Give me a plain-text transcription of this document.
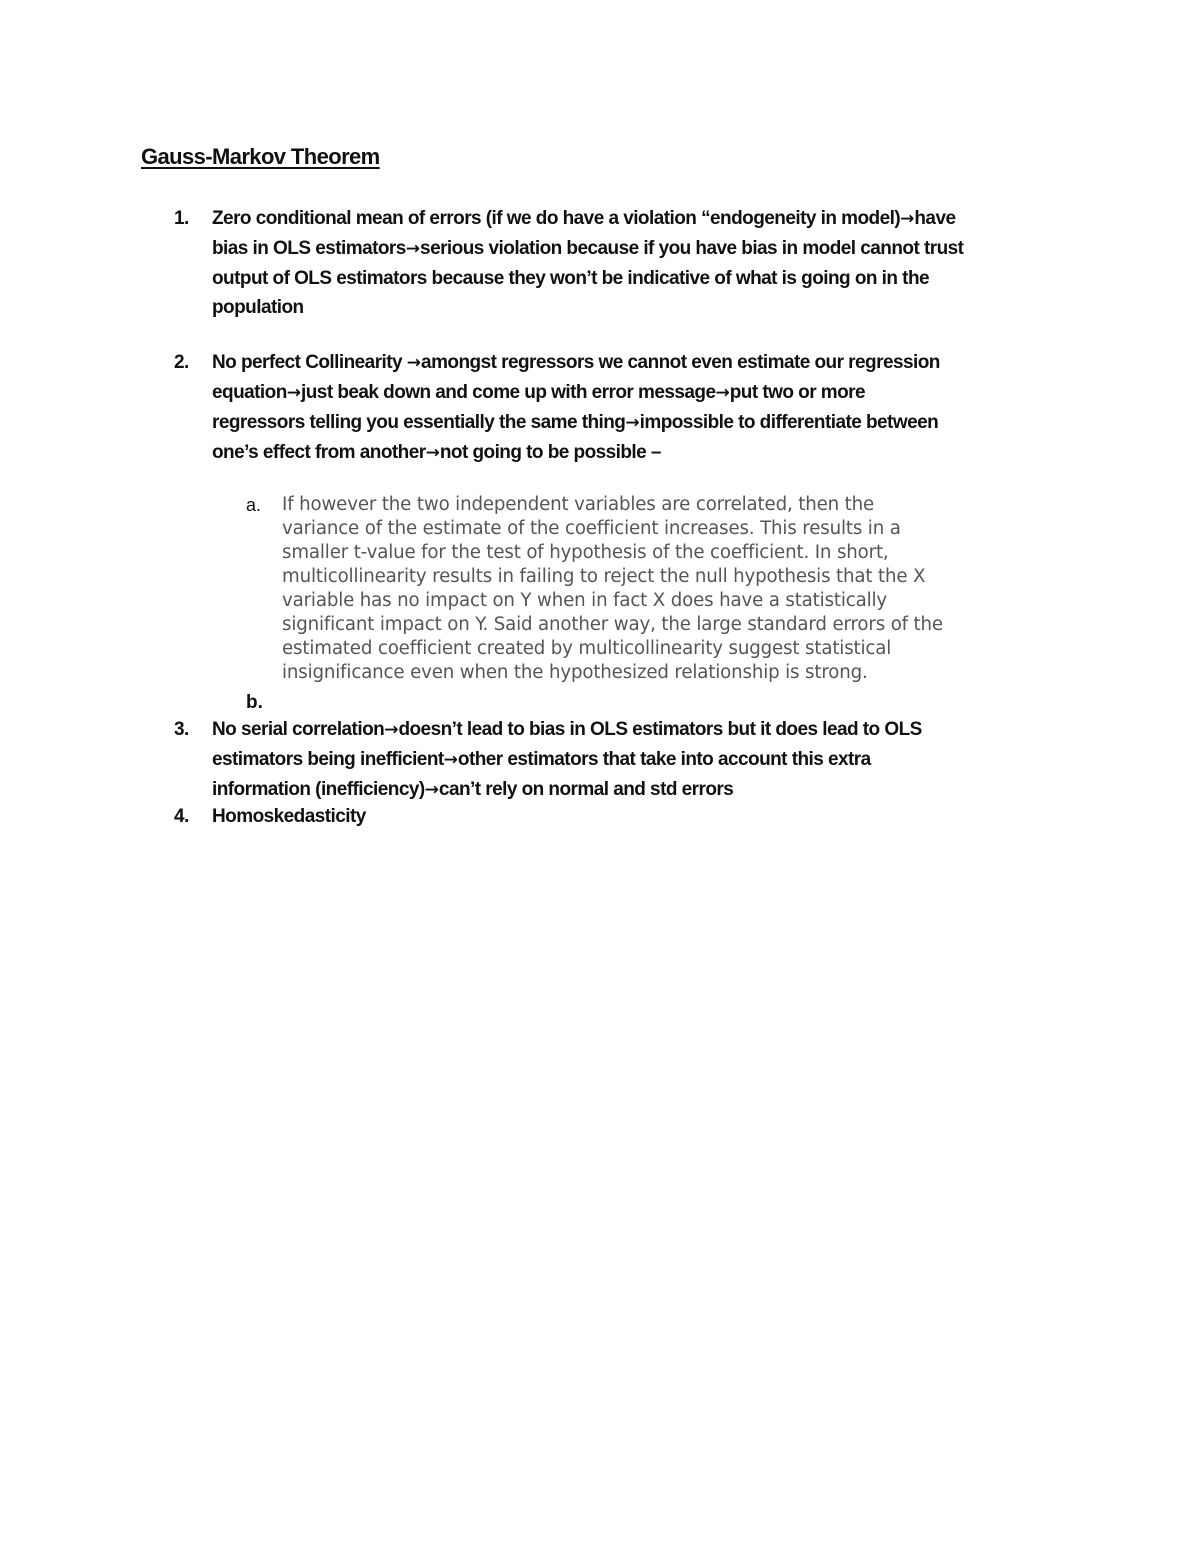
Gauss-Markov Theorem
1.	Zero conditional mean of errors (if we do have a violation “endogeneity in model)→have
bias in OLS estimators→serious violation because if you have bias in model cannot trust
output of OLS estimators because they won’t be indicative of what is going on in the
population
2.	No perfect Collinearity →amongst regressors we cannot even estimate our regression
equation→just beak down and come up with error message→put two or more
regressors telling you essentially the same thing→impossible to differentiate between
one’s effect from another→not going to be possible –
a. If however the two independent variables are correlated, then the
variance of the estimate of the coefficient increases. This results in a
smaller t-value for the test of hypothesis of the coefficient. In short,
multicollinearity results in failing to reject the null hypothesis that the X
variable has no impact on Y when in fact X does have a statistically
significant impact on Y. Said another way, the large standard errors of the
estimated coefficient created by multicollinearity suggest statistical
insignificance even when the hypothesized relationship is strong.
b.
3.	No serial correlation→doesn’t lead to bias in OLS estimators but it does lead to OLS
estimators being inefficient→other estimators that take into account this extra
information (inefficiency)→can’t rely on normal and std errors
4.	Homoskedasticity
